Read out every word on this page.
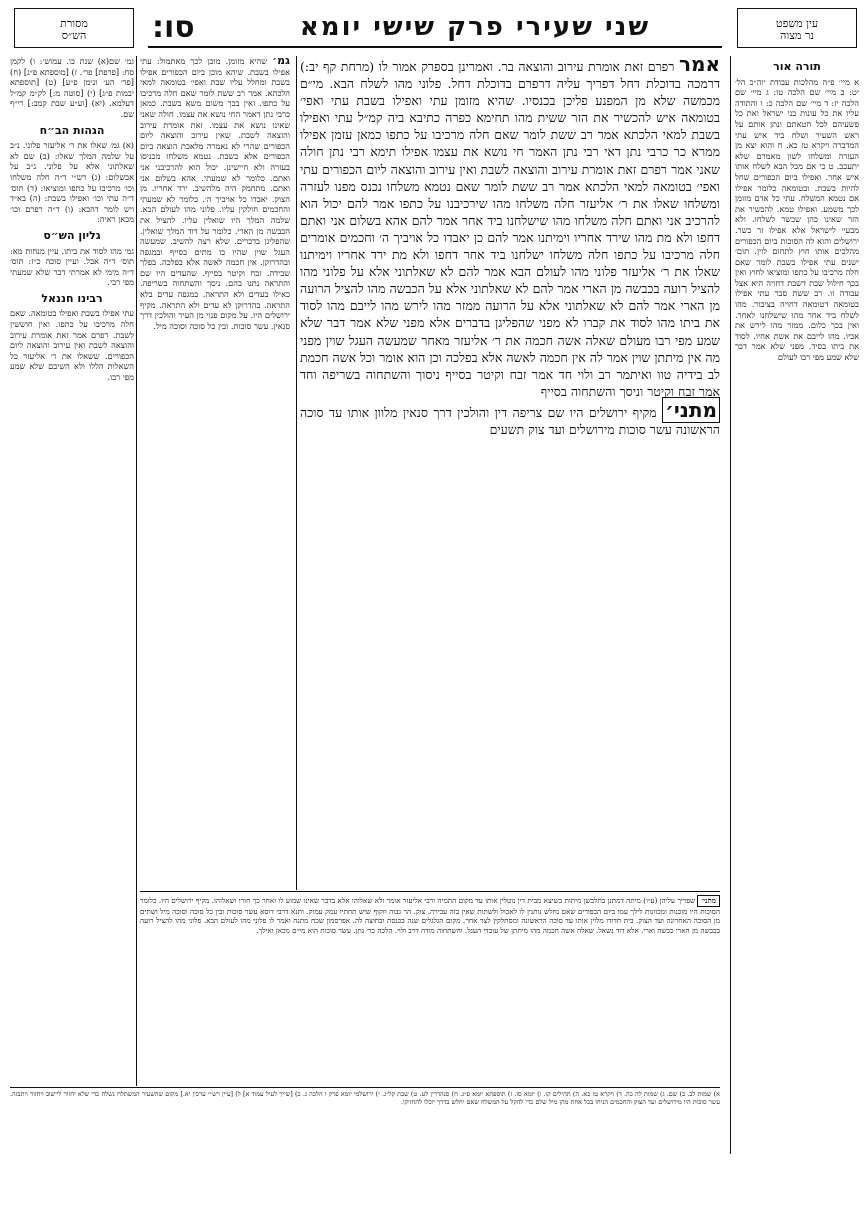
מסורת
הש״ס	סו:	שני שעירי פרק שישי יומא	עין משפט
נר מצוה
תורה אור

א מיי׳ פ״ה מהלכות עבודת יוה״כ הל׳ יט: ב מיי׳ שם הלכה טו: ג מיי׳ שם הלכה יז: ד מיי׳ שם הלכה כ: ו והתודה עליו את כל עונות בני ישראל ואת כל פשעיהם לכל חטאתם ונתן אותם על ראש השעיר ושלח ביד איש עתי המדברה ויקרא טז כא. ח והוא יצא מן העזרה ומשלחו לשון מאמרם שלא יתעכב. ט כי אם מכל הבא לשלח אותו איש אחר. ואפילו ביום הכפורים שחל להיות בשבת. ובטומאה כלומר אפילו אם נטמא המשלח. עתי כל אדם מזומן לכך משמע. ואפילו טמא. להכשיר את הזר שאינו כהן שכשר לשלחו. ולא מבעי׳ לישראל אלא אפילו זר כשר. ירושלים והוא לה הסוכות ביום הכפורים מהלכים אותו חוץ לתחום לוין. תום׳ ישנים עתי אפילו בשבת לומר שאם חלה מרכיבו על כתפו ומוציאו לחוץ ואין בכך חילול שבת דשבת דחויה היא אצל עבודה זו. רב ששת סבר עתי אפילו בטומאה דטומאה דחויה בציבור. מהו לשלח ביד אחר מהו שישלחנו לאחר. ואין בכך כלום. ממזר מהו לירש את אביו. מהו לייבם את אשת אחיו. לסוד את ביתו בסיד. מפני שלא אמר דבר שלא שמע מפי רבו לעולם

אמר רפרם זאת אומרת עירוב והוצאה בר. ואמרינן בספרק אמור לו (מרחת קף יב:) דרמכה בדוכלת דחל דפריך עליה דרפרם בדוכלת דחל. פלוני מהו לשלח הבא. מי״ם מכמשה שלא מן המפנע פליכן בכנסיו. שהיא מזומן עתי ואפילו בשבת עתי ואפי׳ בטומאה איש להכשיר את הזר ששית מהו תחימא כפרה כתיבא ביה קמ״ל עתי ואפילו בשבת למאי הלכתא אמר רב ששת לומר שאם חלה מרכיבו על כתפו כמאן עזמן אפילו ממרא כר כרבי נתן דאי רבי נתן האמר חי נושא את עצמו אפילו תימא רבי נתן חולה שאני אמר רפרם זאת אומרת עירוב והוצאה לשבת ואין עירוב והוצאה ליום הכפורים עתי ואפי׳ בטומאה למאי הלכתא אמר רב ששת לומר שאם נטמא משלחו נכנס מפנו לעזרה ומשלחו שאלו את ר׳ אליעזר חלה משלחו מהו שירכיבנו על כתפו אמר להם יכול הוא להרכיב אני ואתם חלה משלחו מהו שישלחנו ביד אחר אמר להם אהא בשלום אני ואתם דחפו ולא מת מהו שירד אחריו וימיתנו אמר להם כן יאבדו כל אויביך ה׳ וחכמים אומרים חלה מרכיבו על כתפו חלה משלחו ישלחנו ביד אחר דחפו ולא מת ירד אחריו וימיתנו שאלו את ר׳ אליעזר פלוני מהו לעולם הבא אמר להם לא שאלתוני אלא על פלוני מהו להציל רועה בכבשה מן הארי אמר להם לא שאלתוני אלא על הכבשה מהו להציל הרועה מן הארי אמר להם לא שאלתוני אלא על הרועה ממזר מהו לירש מהו לייבם מהו לסוד את ביתו מהו לסוד את קברו לא מפני שהפליגן בדברים אלא מפני שלא אמר דבר שלא שמע מפי רבו מעולם שאלה אשה חכמה את ר׳ אליעזר מאחר שמעשה העגל שוין מפני מה אין מיתתן שוין אמר לה אין חכמה לאשה אלא בפלכה וכן הוא אומר וכל אשה חכמת לב בידיה טוו ואיתמר רב ולוי חד אמר זבח וקיטר בסייף ניסוך והשתחוה בשריפה וחד אמר זבח וקיטר וניסך והשתחוה בסייף

מתני׳ מקיף ירושלים היו שם צריפה דין והולכין דרך סנאין מלוון אותו עד סוכה הראשונה עשר סוכות מירושלים ועד צוק תשעים

גמ׳ שהיא מזומן. מוכן לכך מאתמול: עתי אפילו בשבת. שיהא מוכן ביום הכפורים אפילו בשבת ומחלל עליו שבת ואפי׳ בטומאה למאי הלכתא. אמר רב ששת לומר שאם חלה מרכיבו על כתפו. ואין בכך משום משא בשבת. כמאן כרבי נתן דאמר החי נושא את עצמו. חולה שאני שאינו נושא את עצמו. זאת אומרת עירוב והוצאה לשבת. שאין עירוב והוצאה ליום הכפורים שהרי לא נאמרה מלאכת הוצאה ביום הכפורים אלא בשבת. נטמא משלחו מכניסו בעזרה ולא חיישינן. יכול הוא להרכיבני אני ואתם. כלומר לא שמעתי. אהא בשלום אני ואתם. מתחמק היה מלהשיב. ירד אחריו. מן הצוק. יאבדו כל אויביך ה׳. כלומר לא שמעתי והחכמים חולקין עליו. פלוני מהו לעולם הבא. שלמה המלך היו שואלין עליו. להציל את הכבשה מן הארי. כלומר על דוד המלך שואלין. שהפליגן בדברים. שלא רצה להשיב. שמעשה העגל שוין שהיו בו מתים בסייף ובמגפה ובהדרוקן. אין חכמה לאשה אלא בפלכה. בפלך שבידה. זבח וקיטר בסייף. שהעדים היו שם והתראה נתנו בהם. ניסך והשתחוה בשריפה. כאילו בעדים ולא התראה. במגפה עדים בלא התראה. בהדרוקן לא עדים ולא התראה. מקיף ירושלים היו. על מקום פנוי מן העיר והולכין דרך סנאין. עשר סוכות. ובין כל סוכה וסוכה מיל.

גמ׳ שם(א) שנת כו. עמוש׳: ו) לקמן סח: [פרפת] פר׳. ז) [מוספתא פ״ג] (ח) [פר׳ הע׳ ונימן פ״ע] (ט) [תוספתא יבמות פ״ג] (י) [סוטה מ:] לק״מ קמ״ל דעלמא. (יא) [וע״ע שבת קמב:] רי״ף שם.

הגהות הב״ח

(א) גמ׳ שאלו את ר׳ אליעזר פלוני. נ״ב על שלמה המלך שאלו: (ב) שם לא שאלתוני אלא על פלוני. נ״ב על אבשלום: (ג) רש״י ד״ה חלה משלחו וכו׳ מרכיבו על כתפו ומוציאו: (ד) תוס׳ ד״ה עתי וכו׳ ואפילו בשבת: (ה) בא״ד ויש לומר דהכא: (ו) ד״ה רפרם וכו׳ מכאן ראיה:

גליון הש״ס

גמ׳ מהו לסוד את ביתו. עיין מנחות מא: תוס׳ ד״ה אבל. ועיין סוכה כ״ז: תוס׳ ד״ה מימי לא אמרתי דבר שלא שמעתי מפי רבי.

רבינו חננאל

עתי אפילו בשבת ואפילו בטומאה. שאם חלה מרכיבו על כתפו. ואין חוששין לשבת. רפרם אמר זאת אומרת עירוב והוצאה לשבת ואין עירוב והוצאה ליום הכפורים. ששאלו את ר׳ אליעזר כל השאלות הללו ולא השיבם שלא שמע מפי רבו.

מתני׳ שפריך עליהן (ע״ו) מיתה דמתנן בתלבשן מיתות כשיצא מבית דין נוטלין אותו עד מקום התמיה ורבי אליעזר אומר ולא שאלוהו אלא בדבר שאינו שמוע לו ואחר כך חזרו ושאלוהו. מקיף ירושלים היו. כלומר הסוכות היו מוכנות ומכוונות לילך עמו ביום הכפורים שאם נחלש נותנין לו לאכול ולשתות שאין בזה עבירה. צוק. הר גבוה וזקוף שיש תחתיו עמק עמוק. ותנא דרבי דוסא עשר סוכות ובין כל סוכה וסוכה מיל ושתים מן הסוכה האחרונה ועד הצוק. בית חדודו מלוין אותו עד סוכה הראשונה ומסתלקין לצד אחר. מקום הגלגלים שנה בכנסת ובחוצה לה. אפרסמון שכח מתנה ואמר לו פלוני מהו לעולם הבא. פלוני מהו להציל רועה בכבשה מן הארי ככשה וארי. אלא דוד נשאל. שאלה אשה חכמה מהו מיתתן של עובדי העגל. והשתחוה מודה דרב ולוי. הלכה כר׳ נתן. עשר סוכות הוא מי״ם מכאן ואילך.

א) שמות לב. ב) שם. ג) שמות לה כה. ד) ויקרא טז כא. ה) תהילים קו. ו) יומא סז. ז) תוספתא יומא פ״ג. ח) סנהדרין לט. ט) שבת קל״ג. י) ירושלמי יומא פרק ו הלכה ג. כ) [שייך לעיל עמוד א] ל) [עיין רש״י ערכין יא.] מקום שהשעיר המשתלח נשלח כדי שלא יחזור ליישוב ויחזור ויתבזה. עשר סוכות היו מירושלים ועד הצוק והחכמים הניחו בכל אחת מהן מיל שלם כדי להקל על המשלח שאם יחלש בדרך יוכלו להחזיקו.
